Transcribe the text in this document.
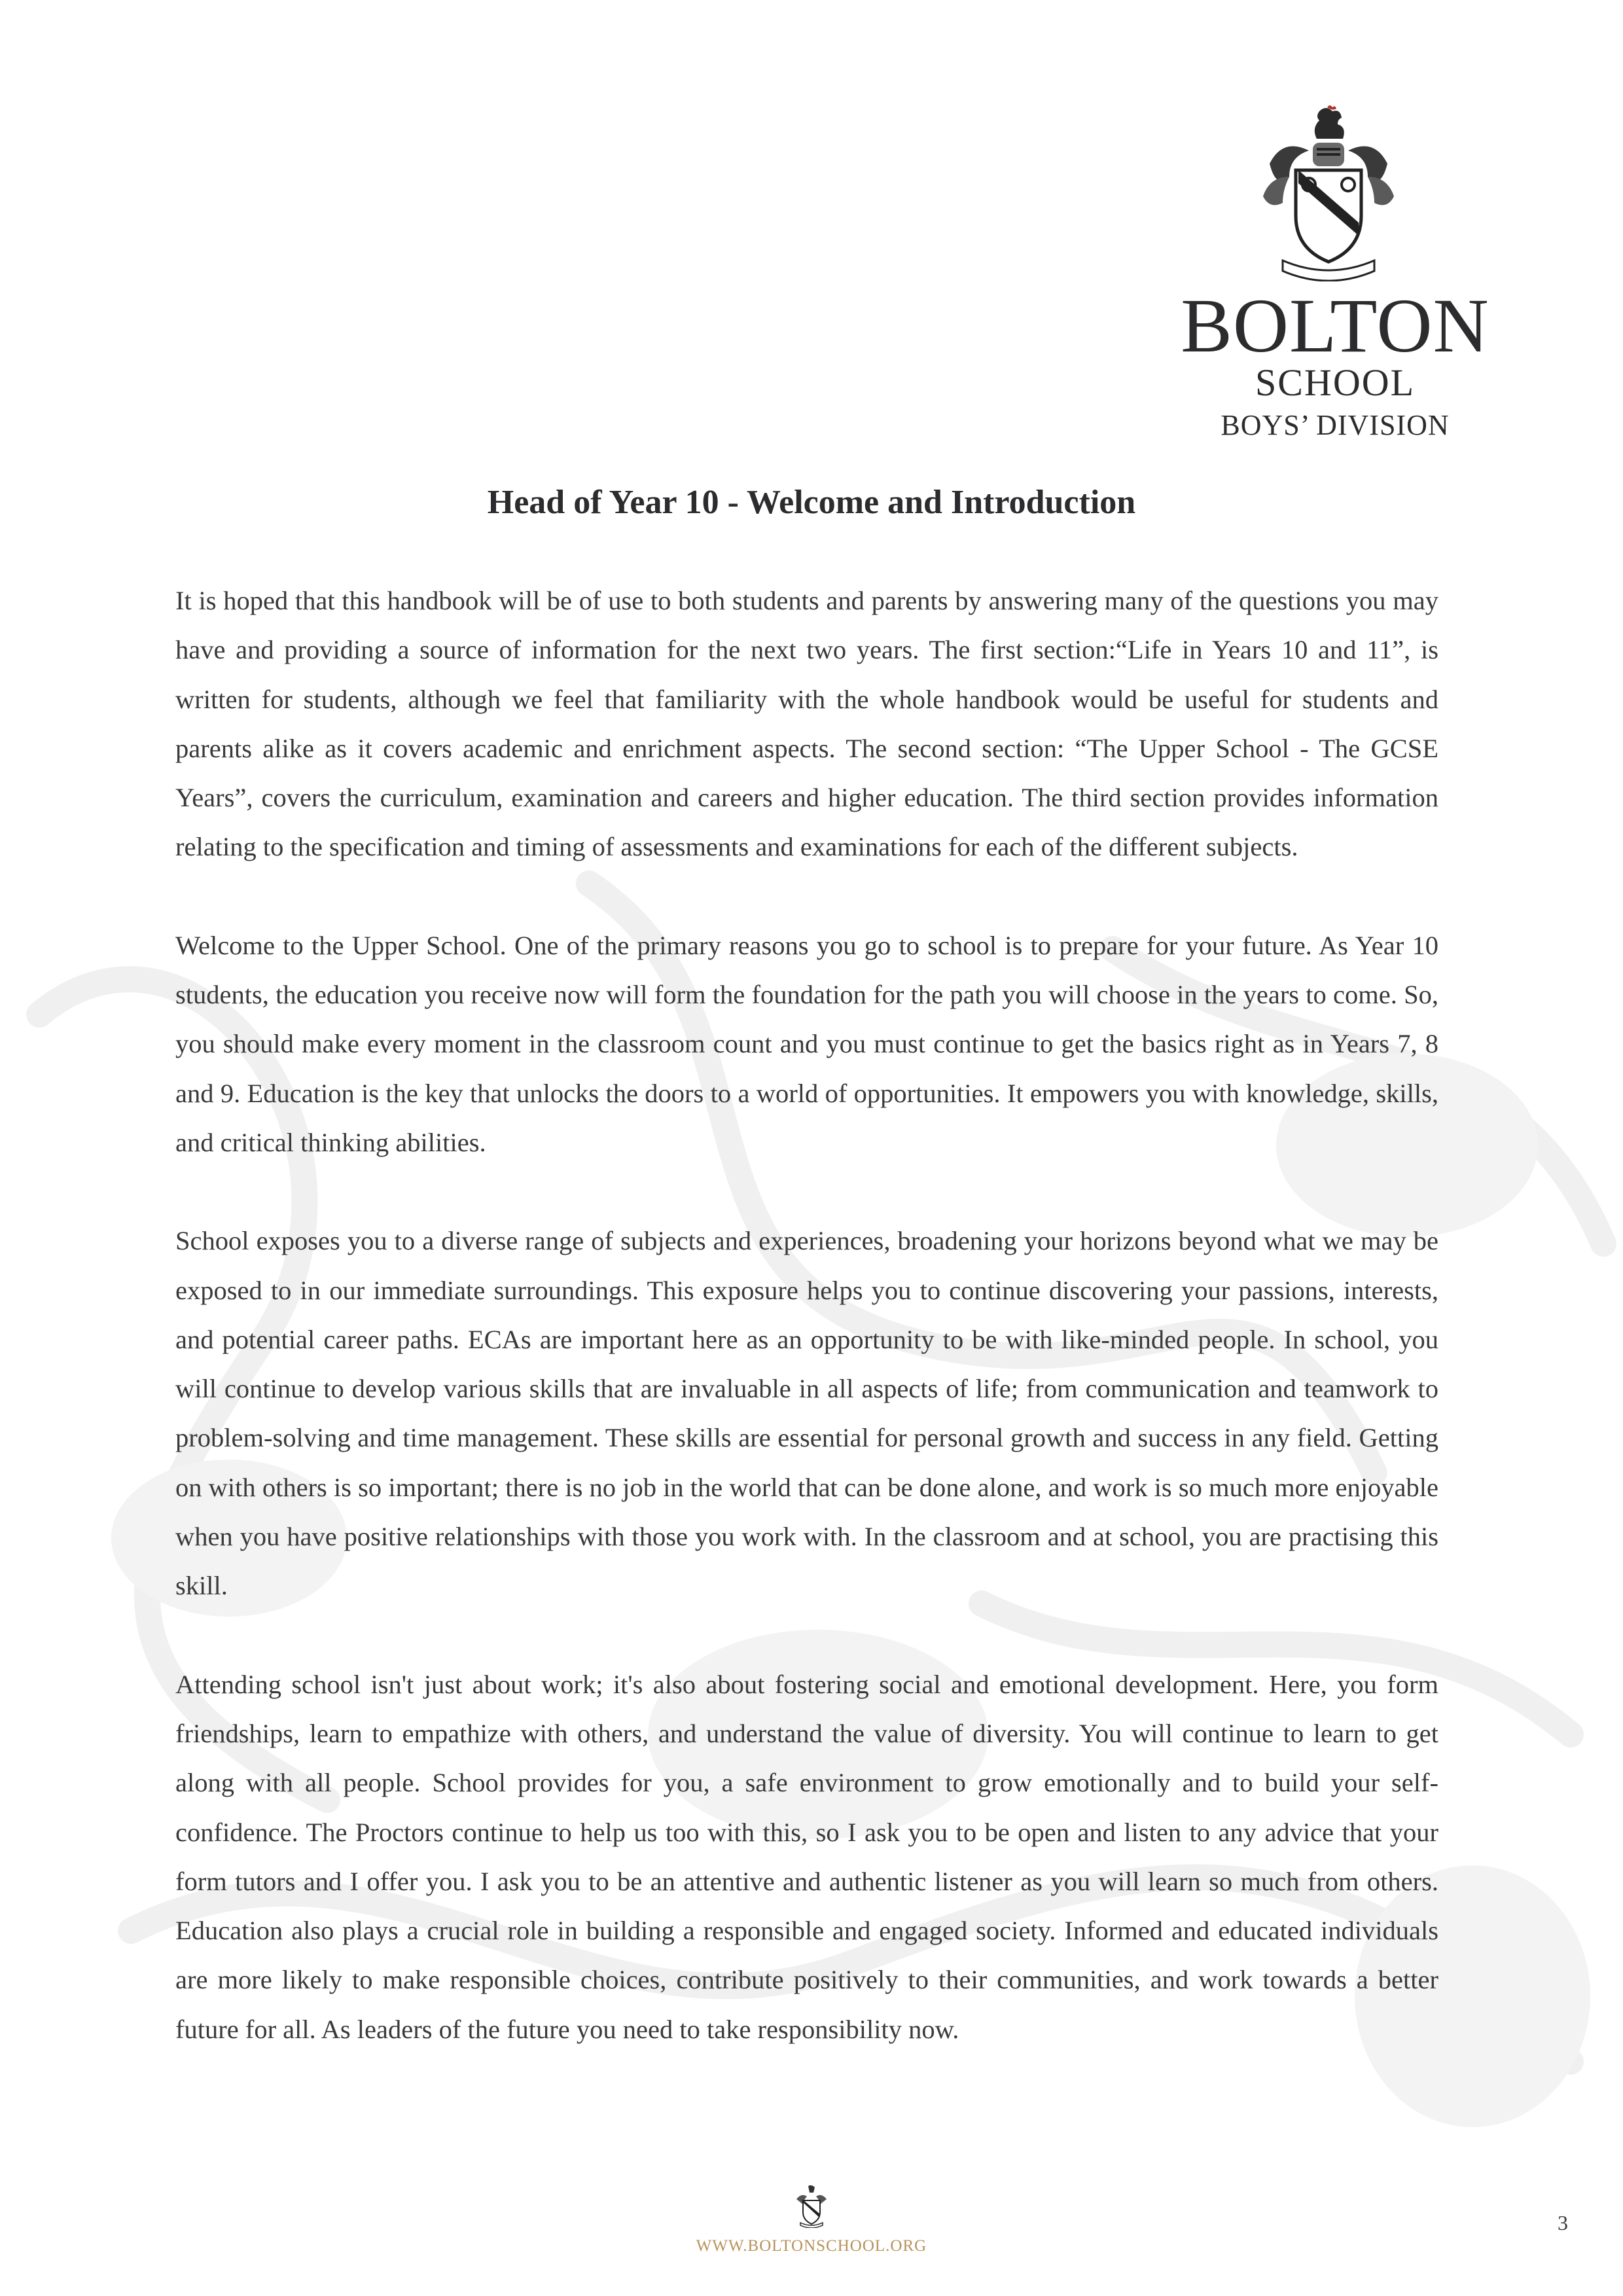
BOLTON
SCHOOL
BOYS’ DIVISION
Head of Year 10 - Welcome and Introduction

It is hoped that this handbook will be of use to both students and parents by answering many of the questions you may have and providing a source of information for the next two years. The first section:“Life in Years 10 and 11”, is written for students, although we feel that familiarity with the whole handbook would be useful for students and parents alike as it covers academic and enrichment aspects. The second section: “The Upper School - The GCSE Years”, covers the curriculum, examination and careers and higher education. The third section provides information relating to the specification and timing of assessments and examinations for each of the different subjects.

Welcome to the Upper School. One of the primary reasons you go to school is to prepare for your future. As Year 10 students, the education you receive now will form the foundation for the path you will choose in the years to come. So, you should make every moment in the classroom count and you must continue to get the basics right as in Years 7, 8 and 9. Education is the key that unlocks the doors to a world of opportunities. It empowers you with knowledge, skills, and critical thinking abilities.

School exposes you to a diverse range of subjects and experiences, broadening your horizons beyond what we may be exposed to in our immediate surroundings. This exposure helps you to continue discovering your passions, interests, and potential career paths. ECAs are important here as an opportunity to be with like-minded people. In school, you will continue to develop various skills that are invaluable in all aspects of life; from communication and teamwork to problem-solving and time management. These skills are essential for personal growth and success in any field. Getting on with others is so important; there is no job in the world that can be done alone, and work is so much more enjoyable when you have positive relationships with those you work with. In the classroom and at school, you are practising this skill.

Attending school isn't just about work; it's also about fostering social and emotional development. Here, you form friendships, learn to empathize with others, and understand the value of diversity. You will continue to learn to get along with all people. School provides for you, a safe environment to grow emotionally and to build your self-confidence. The Proctors continue to help us too with this, so I ask you to be open and listen to any advice that your form tutors and I offer you. I ask you to be an attentive and authentic listener as you will learn so much from others. Education also plays a crucial role in building a responsible and engaged society. Informed and educated individuals are more likely to make responsible choices, contribute positively to their communities, and work towards a better future for all. As leaders of the future you need to take responsibility now.

WWW.BOLTONSCHOOL.ORG
3
